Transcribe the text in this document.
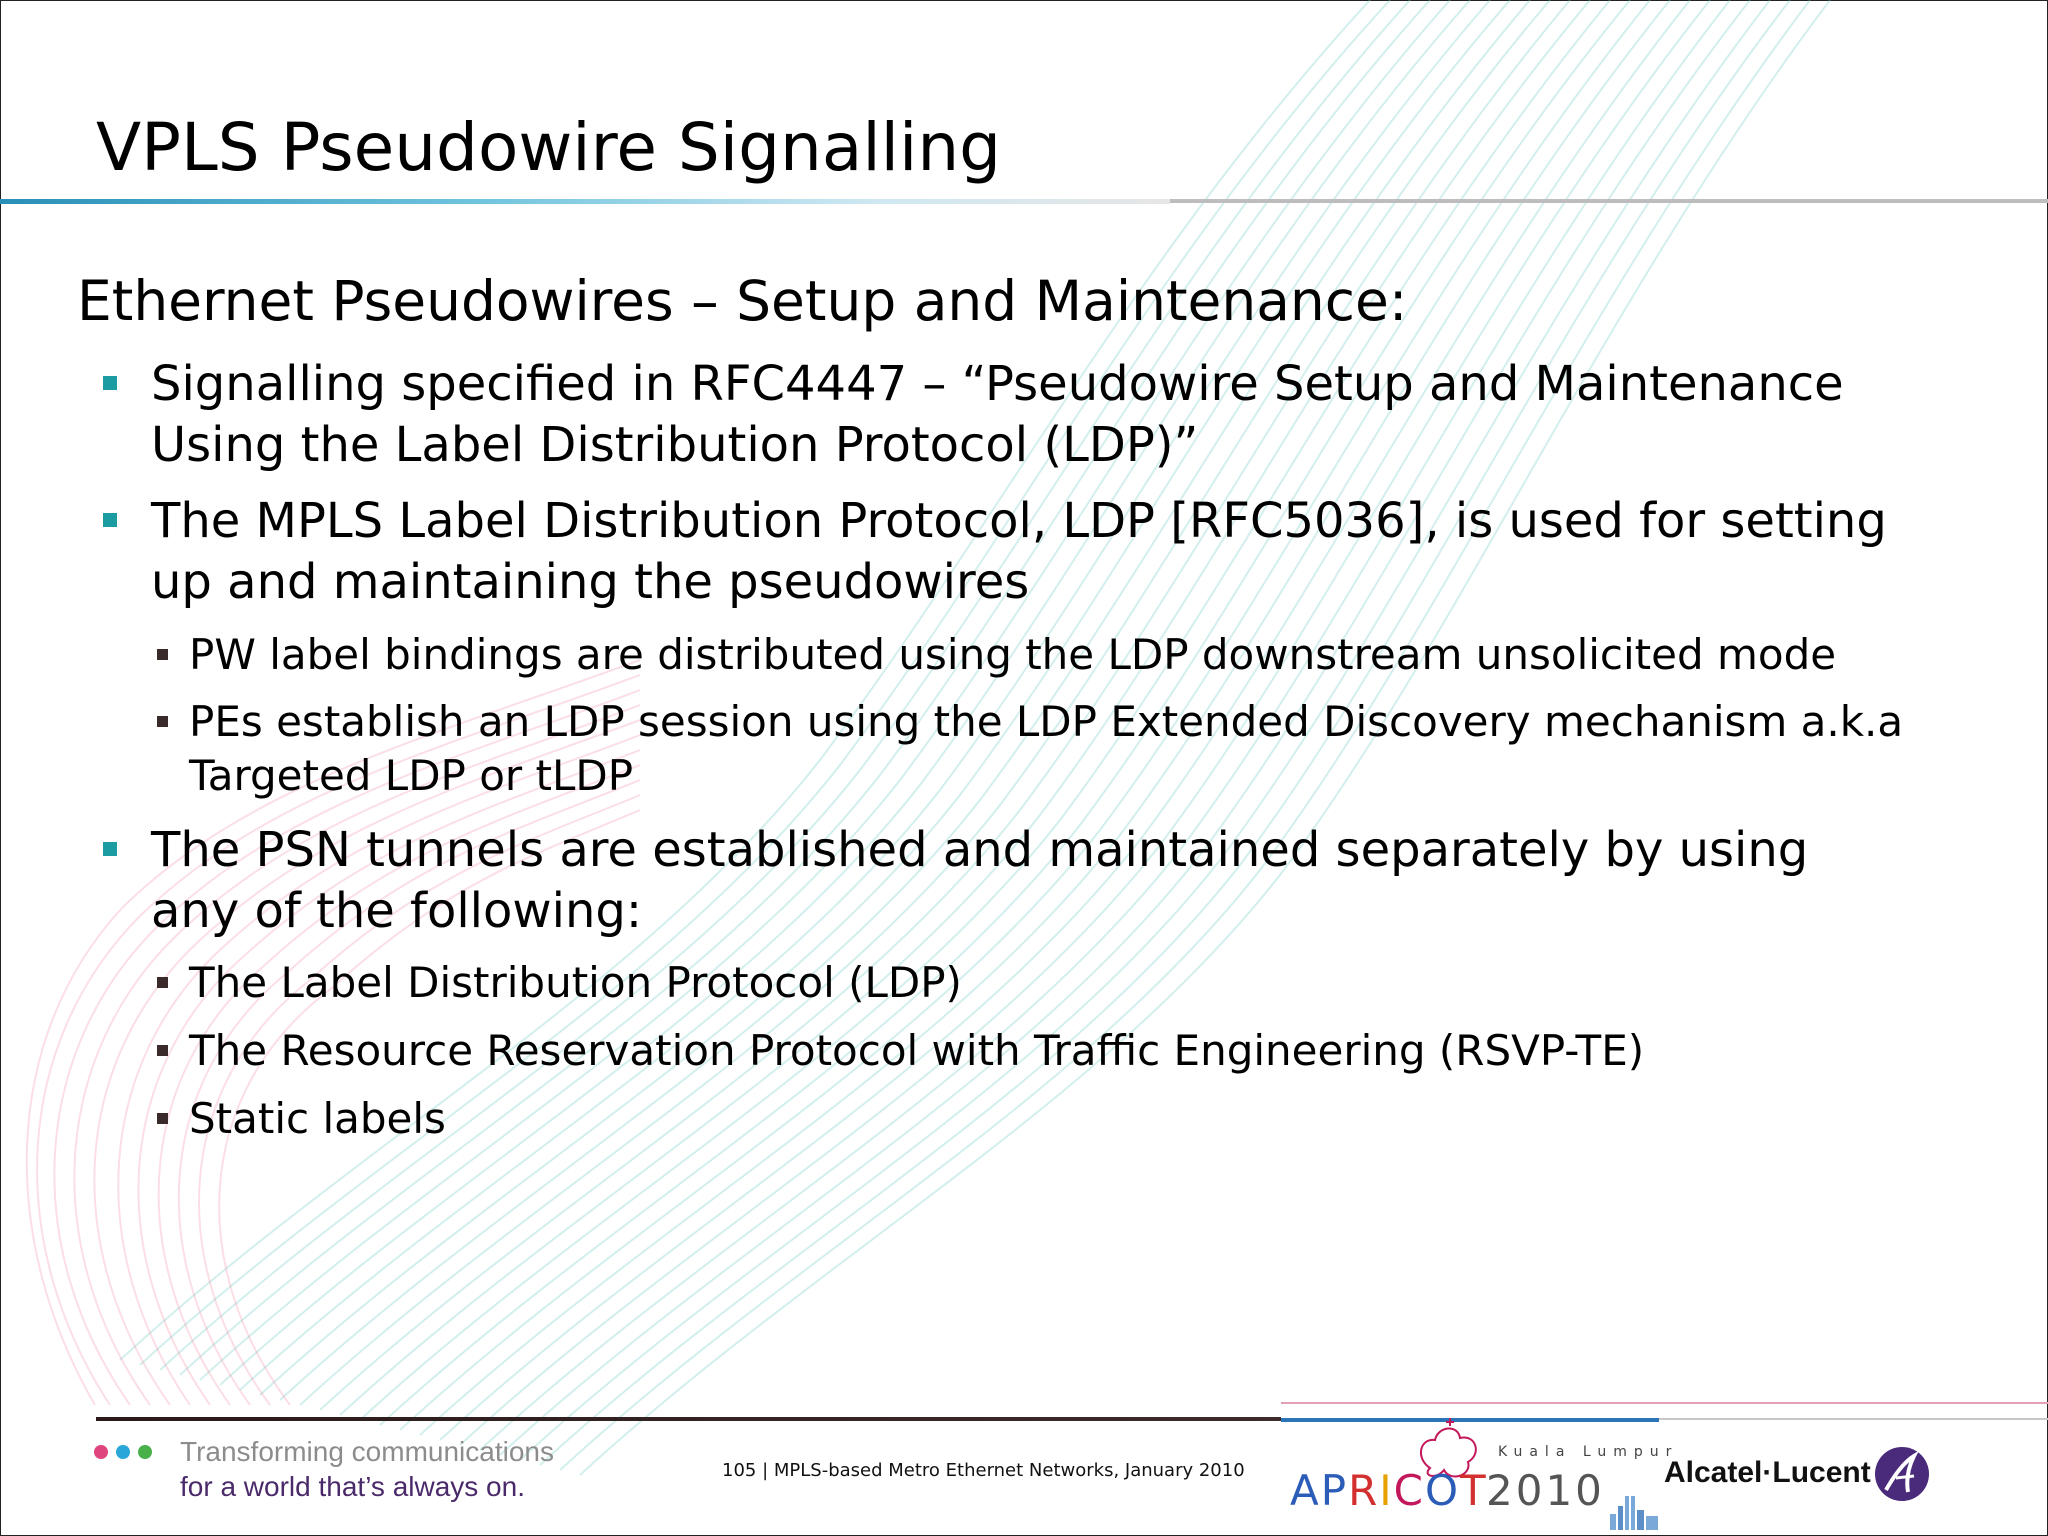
VPLS Pseudowire Signalling
Ethernet Pseudowires – Setup and Maintenance:
Signalling specified in RFC4447 – “Pseudowire Setup and Maintenance Using the Label Distribution Protocol (LDP)”
The MPLS Label Distribution Protocol, LDP [RFC5036], is used for setting up and maintaining the pseudowires
PW label bindings are distributed using the LDP downstream unsolicited mode
PEs establish an LDP session using the LDP Extended Discovery mechanism a.k.a Targeted LDP or tLDP
The PSN tunnels are established and maintained separately by using any of the following:
The Label Distribution Protocol (LDP)
The Resource Reservation Protocol with Traffic Engineering (RSVP-TE)
Static labels
Transforming communications
for a world that’s always on.
105 | MPLS-based Metro Ethernet Networks, January 2010
Kuala Lumpur
APRICOT
2010 Alcatel·Lucent
